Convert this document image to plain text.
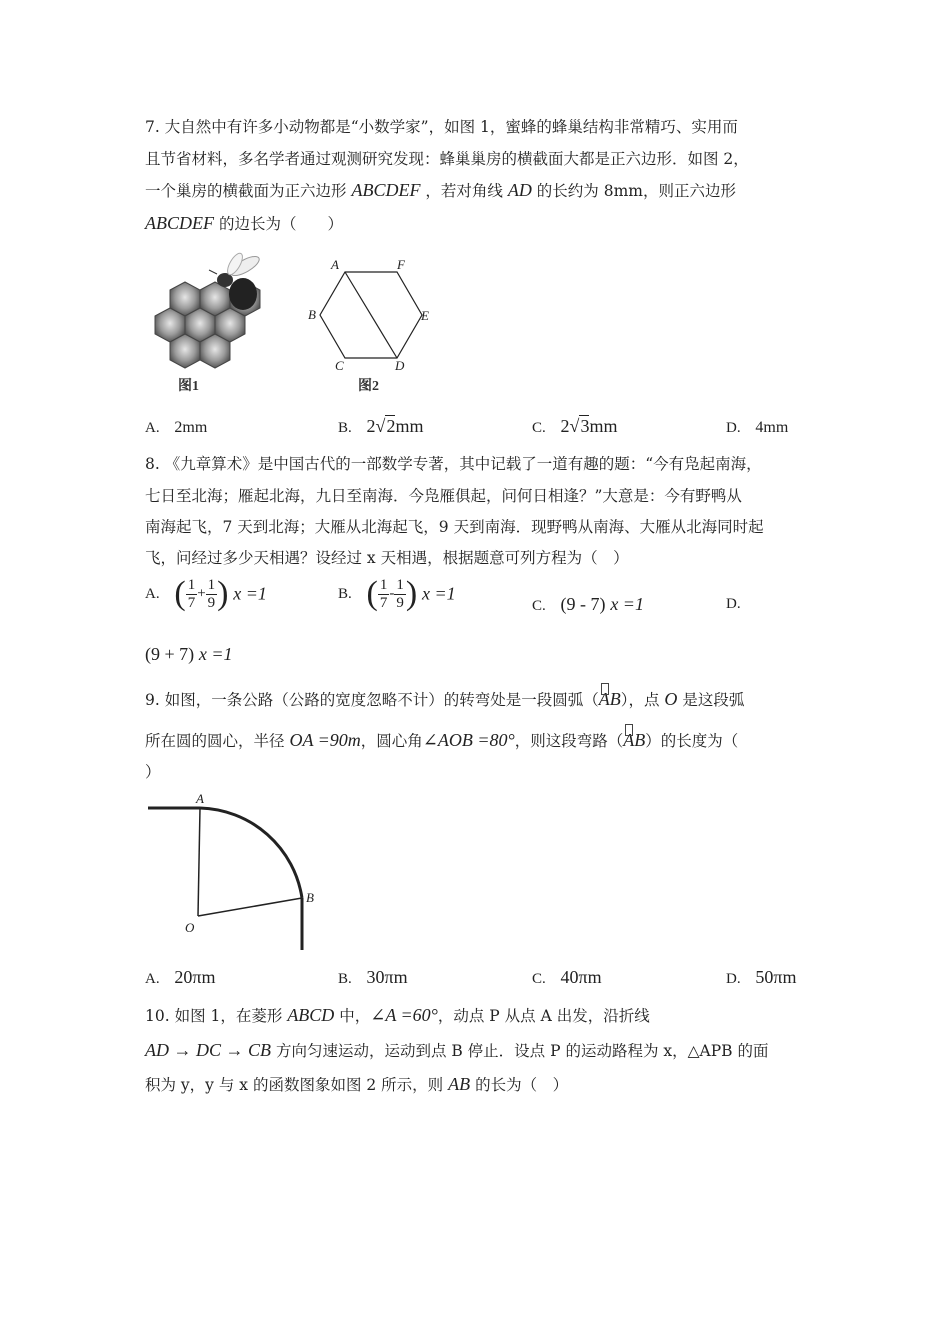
7. 大自然中有许多小动物都是“小数学家”，如图 1，蜜蜂的蜂巢结构非常精巧、实用而
且节省材料，多名学者通过观测研究发现：蜂巢巢房的横截面大都是正六边形．如图 2，
一个巢房的横截面为正六边形 ABCDEF ，若对角线 AD 的长约为 8mm，则正六边形
ABCDEF 的边长为（　　）
图1
A	F
B	E
C	D
图2
A. 2mm	B. 2√2mm	C. 2√3mm	D. 4mm
8. 《九章算术》是中国古代的一部数学专著，其中记载了一道有趣的题：“今有凫起南海，
七日至北海；雁起北海，九日至南海．今凫雁俱起，问何日相逢？”大意是：今有野鸭从
南海起飞，7 天到北海；大雁从北海起飞，9 天到南海．现野鸭从南海、大雁从北海同时起
飞，问经过多少天相遇？设经过 x 天相遇，根据题意可列方程为（　）
A. ( $\frac{1}{7} + \frac{1}{9}$ ) x =1	B. ( $\frac{1}{7} - \frac{1}{9}$ ) x =1
C. (9 - 7) x =1	D.
(9 + 7) x =1
9. 如图，一条公路（公路的宽度忽略不计）的转弯处是一段圆弧（AB），点 O 是这段弧
所在圆的圆心，半径 OA =90m，圆心角∠AOB =80°，则这段弯路（AB）的长度为（
）
A
B
O
A. 20πm	B. 30πm	C. 40πm	D. 50πm
10. 如图 1，在菱形 ABCD 中，∠A =60°，动点 P 从点 A 出发，沿折线
AD → DC → CB 方向匀速运动，运动到点 B 停止．设点 P 的运动路程为 x，△APB 的面
积为 y，y 与 x 的函数图象如图 2 所示，则 AB 的长为（　）
